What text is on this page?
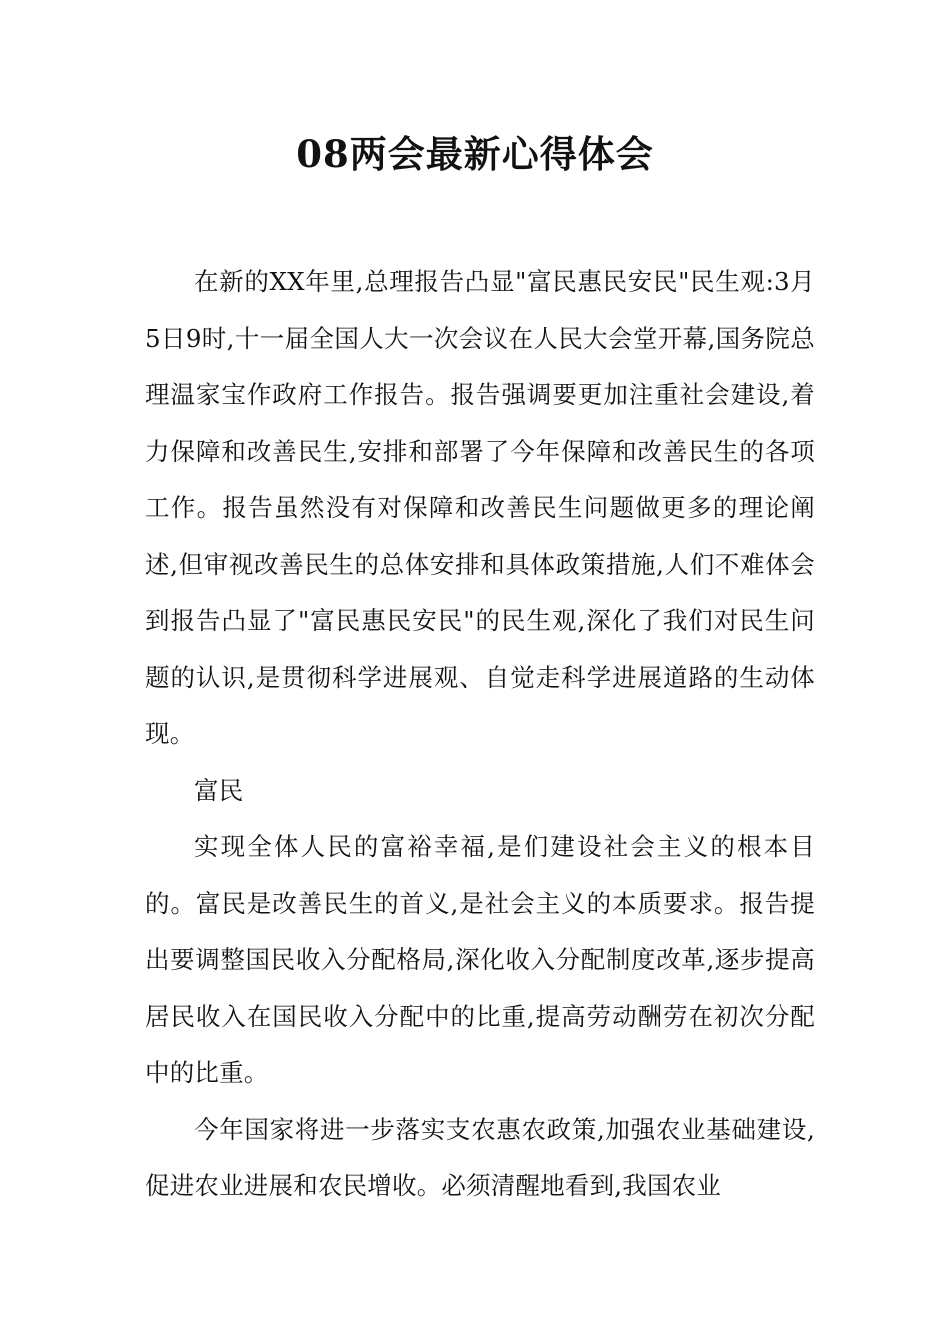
08两会最新心得体会

在新的XX年里,总理报告凸显"富民惠民安民"民生观:3月5日9时,十一届全国人大一次会议在人民大会堂开幕,国务院总理温家宝作政府工作报告。报告强调要更加注重社会建设,着力保障和改善民生,安排和部署了今年保障和改善民生的各项工作。报告虽然没有对保障和改善民生问题做更多的理论阐述,但审视改善民生的总体安排和具体政策措施,人们不难体会到报告凸显了"富民惠民安民"的民生观,深化了我们对民生问题的认识,是贯彻科学进展观、自觉走科学进展道路的生动体现。

富民

实现全体人民的富裕幸福,是们建设社会主义的根本目的。富民是改善民生的首义,是社会主义的本质要求。报告提出要调整国民收入分配格局,深化收入分配制度改革,逐步提高居民收入在国民收入分配中的比重,提高劳动酬劳在初次分配中的比重。

今年国家将进一步落实支农惠农政策,加强农业基础建设,促进农业进展和农民增收。必须清醒地看到,我国农业
